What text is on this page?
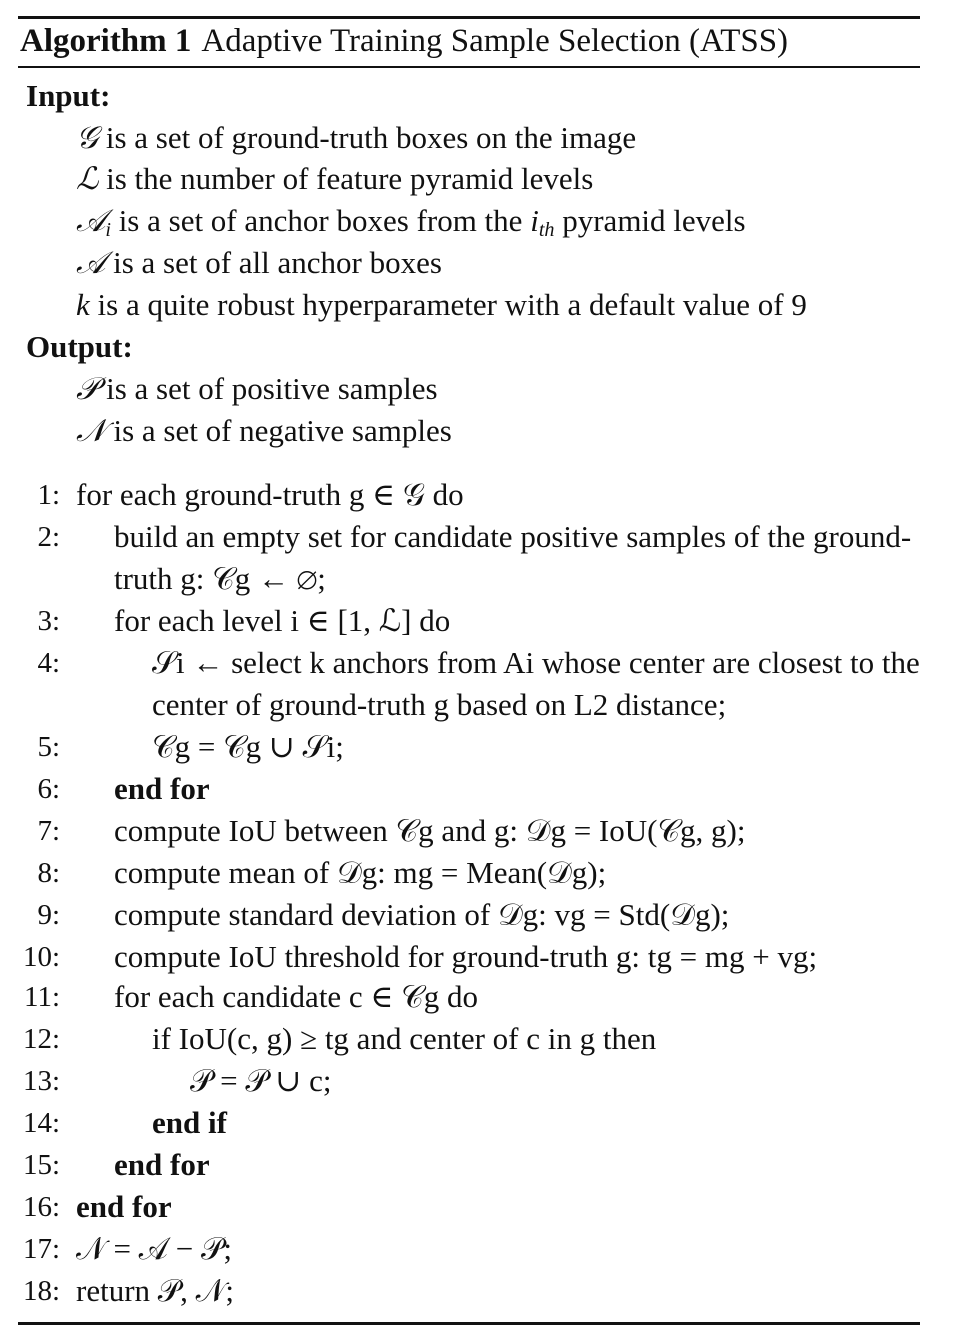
Algorithm 1 Adaptive Training Sample Selection (ATSS)
Input:
𝒢 is a set of ground-truth boxes on the image
ℒ is the number of feature pyramid levels
𝒜$_i$ is a set of anchor boxes from the $i_{th}$ pyramid levels
𝒜 is a set of all anchor boxes
k is a quite robust hyperparameter with a default value of 9
Output:
𝒫 is a set of positive samples
𝒩 is a set of negative samples
1: for each ground-truth g ∈ 𝒢 do
2: build an empty set for candidate positive samples of the ground-truth g: 𝒞g ← ∅;
3: for each level i ∈ [1, ℒ] do
4:	𝒮i ← select k anchors from Ai whose center are closest to the center of ground-truth g based on L2 distance;
5:	𝒞g = 𝒞g ∪ 𝒮i;
6: end for
7: compute IoU between 𝒞g and g: 𝒟g = IoU(𝒞g, g);
8: compute mean of 𝒟g: mg = Mean(𝒟g);
9: compute standard deviation of 𝒟g: vg = Std(𝒟g);
10: compute IoU threshold for ground-truth g: tg = mg + vg;
11: for each candidate c ∈ 𝒞g do
12:	if IoU(c, g) ≥ tg and center of c in g then
13:	𝒫 = 𝒫 ∪ c;
14:	end if
15: end for
16: end for
17: 𝒩 = 𝒜 − 𝒫;
18: return 𝒫, 𝒩;
